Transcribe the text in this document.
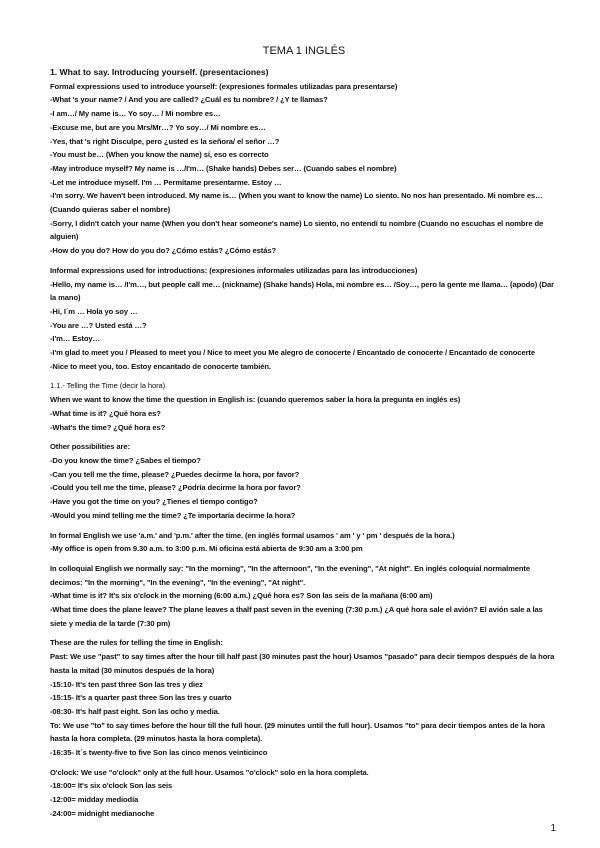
TEMA 1 INGLÉS
1. What to say. Introducing yourself. (presentaciones)
Formal expressions used to introduce yourself: (expresiones formales utilizadas para presentarse)
-What 's your name? / And you are called? ¿Cuál es tu nombre? / ¿Y te llamas?
-I am…/ My name is… Yo soy… / Mi nombre es…
-Excuse me, but are you Mrs/Mr…? Yo soy…/ Mi nombre es…
-Yes, that 's right Disculpe, pero ¿usted es la señora/ el señor …?
-You must be… (When you know the name) sí, eso es correcto
-May introduce myself? My name is …/I'm… (Shake hands) Debes ser… (Cuando sabes el nombre)
-Let me introduce myself. I'm … Permítame presentarme. Estoy …
-I'm sorry. We haven't been introduced. My name is… (When you want to know the name) Lo siento. No nos han presentado. Mi nombre es… (Cuando quieras saber el nombre)
-Sorry, I didn't catch your name (When you don't hear someone's name) Lo siento, no entendí tu nombre (Cuando no escuchas el nombre de alguien)
-How do you do? How do you do? ¿Cómo estás? ¿Cómo estás?
Informal expressions used for introductions: (expresiones informales utilizadas para las introducciones)
-Hello, my name is… /I'm…, but people call me… (nickname) (Shake hands) Hola, mi nombre es… /Soy…, pero la gente me llama… (apodo) (Dar la mano)
-Hi, I´m … Hola yo soy …
-You are …? Usted está …?
-I'm… Estoy…
-I'm glad to meet you / Pleased to meet you / Nice to meet you Me alegro de conocerte / Encantado de conocerte / Encantado de conocerte
-Nice to meet you, too. Estoy encantado de conocerte también.
1.1.- Telling the Time (decir la hora)
When we want to know the time the question in English is: (cuando queremos saber la hora la pregunta en inglés es)
-What time is it? ¿Qué hora es?
-What's the time? ¿Qué hora es?
Other possibilities are:
-Do you know the time? ¿Sabes el tiempo?
-Can you tell me the time, please? ¿Puedes decirme la hora, por favor?
-Could you tell me the time, please? ¿Podría decirme la hora por favor?
-Have you got the time on you? ¿Tienes el tiempo contigo?
-Would you mind telling me the time? ¿Te importaría decirme la hora?
In formal English we use 'a.m.' and 'p.m.' after the time. (en inglés formal usamos ' am ' y ' pm ' después de la hora.)
-My office is open from 9.30 a.m. to 3:00 p.m. Mi oficina está abierta de 9:30 am a 3:00 pm
In colloquial English we normally say: "In the morning", "In the afternoon", "In the evening", "At night". En inglés coloquial normalmente decimos: "In the morning", "In the evening", "In the evening", "At night".
-What time is it? It's six o'clock in the morning (6:00 a.m.) ¿Qué hora es? Son las seis de la mañana (6:00 am)
-What time does the plane leave? The plane leaves a thalf past seven in the evening (7:30 p.m.) ¿A qué hora sale el avión? El avión sale a las siete y media de la tarde (7:30 pm)
These are the rules for telling the time in English:
Past: We use "past" to say times after the hour till half past (30 minutes past the hour) Usamos "pasado" para decir tiempos después de la hora hasta la mitad (30 minutos después de la hora)
-15:10- It's ten past three Son las tres y diez
-15:15- It's a quarter past three Son las tres y cuarto
-08:30- It's half past eight. Son las ocho y media.
To: We use "to" to say times before the hour till the full hour. (29 minutes until the full hour). Usamos "to" para decir tiempos antes de la hora hasta la hora completa. (29 minutos hasta la hora completa).
-16:35- It´s twenty-five to five Son las cinco menos veinticinco
O'clock: We use "o'clock" only at the full hour. Usamos "o'clock" solo en la hora completa.
-18:00= It's six o'clock Son las seis
-12:00= midday mediodía
-24:00= midnight medianoche
1
